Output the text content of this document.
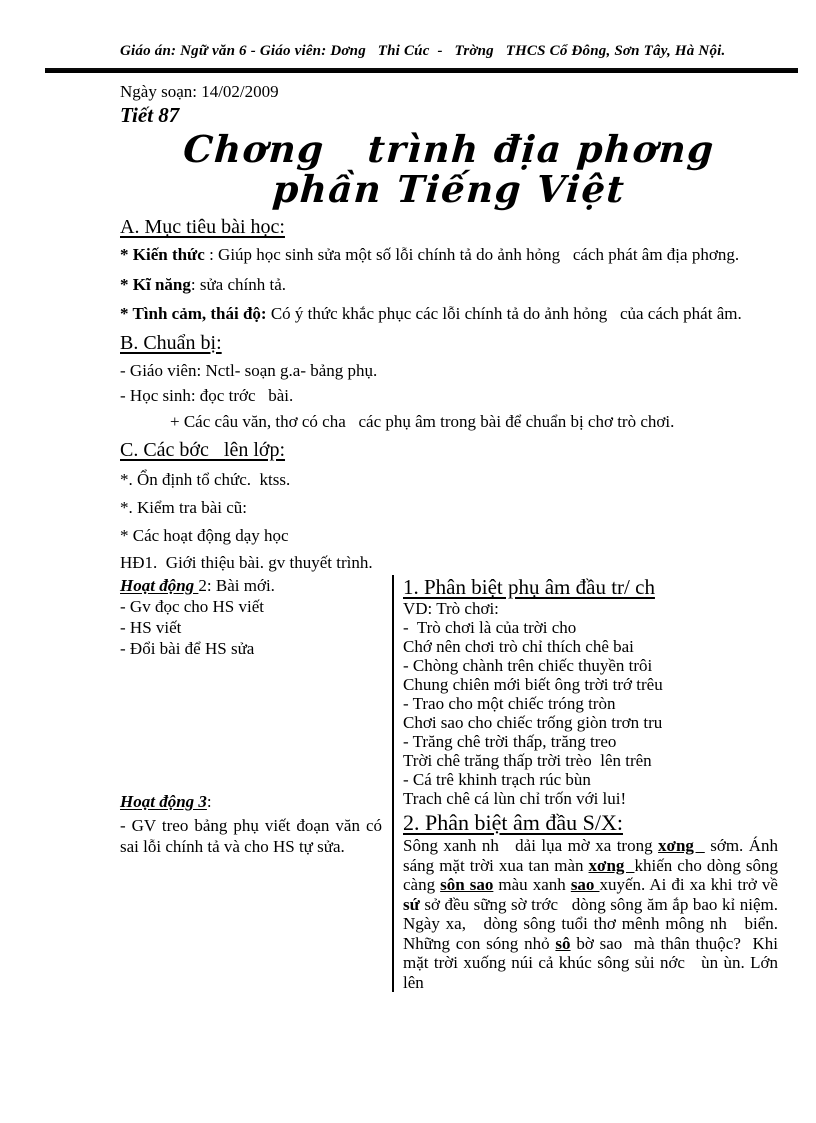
Giáo án: Ngữ văn 6 - Giáo viên: Dơng   Thi Cúc  -   Trờng   THCS Cổ Đông, Sơn Tây, Hà Nội.
Ngày soạn: 14/02/2009
Tiết 87
Chơng   trình địa phơng
phần Tiếng Việt
A. Mục tiêu bài học:
* Kiến thức : Giúp học sinh sửa một số lỗi chính tả do ảnh hỏng   cách phát âm địa phơng.
* Kĩ năng: sửa chính tả.
* Tình cảm, thái độ: Có ý thức khắc phục các lỗi chính tả do ảnh hỏng   của cách phát âm.
B. Chuẩn bị:
- Giáo viên: Nctl- soạn g.a- bảng phụ.
- Học sinh: đọc trớc   bài.
+ Các câu văn, thơ có cha   các phụ âm trong bài để chuẩn bị chơ trò chơi.
C. Các bớc   lên lớp:
*. Ổn định tổ chức.  ktss.
*. Kiểm tra bài cũ:
* Các hoạt động dạy học
HĐ1.  Giới thiệu bài. gv thuyết trình.
Hoạt động 2: Bài mới.
- Gv đọc cho HS viết
- HS viết
- Đổi bài để HS sửa
Hoạt động 3:
- GV treo bảng phụ viết đoạn văn có sai lỗi chính tả và cho HS tự sửa.
1. Phân biệt phụ âm đầu tr/ ch
VD: Trò chơi:
-  Trò chơi là của trời cho
Chớ nên chơi trò chỉ thích chê bai
- Chòng chành trên chiếc thuyền trôi
Chung chiên mới biết ông trời trớ trêu
- Trao cho một chiếc tróng tròn
Chơi sao cho chiếc trống giòn trơn tru
- Trăng chê trời thấp, trăng treo
Trời chê trăng thấp trời trèo  lên trên
- Cá trê khinh trạch rúc bùn
Trach chê cá lùn chỉ trốn với lui!
2. Phân biệt âm đầu S/X:
Sông xanh nh   dải lụa mờ xa trong xơng   sớm. Ánh sáng mặt trời xua tan màn xơng  khiến cho dòng sông càng sôn sao màu xanh sao xuyến. Ai đi xa khi trở về sứ sở đều sững sờ trớc   dòng sông ăm ắp bao kỉ niệm. Ngày xa,   dòng sông tuổi thơ mênh mông nh   biển. Những con sóng nhỏ sô bờ sao  mà thân thuộc?  Khi mặt trời xuống núi cả khúc sông sủi nớc   ùn ùn. Lớn lên
